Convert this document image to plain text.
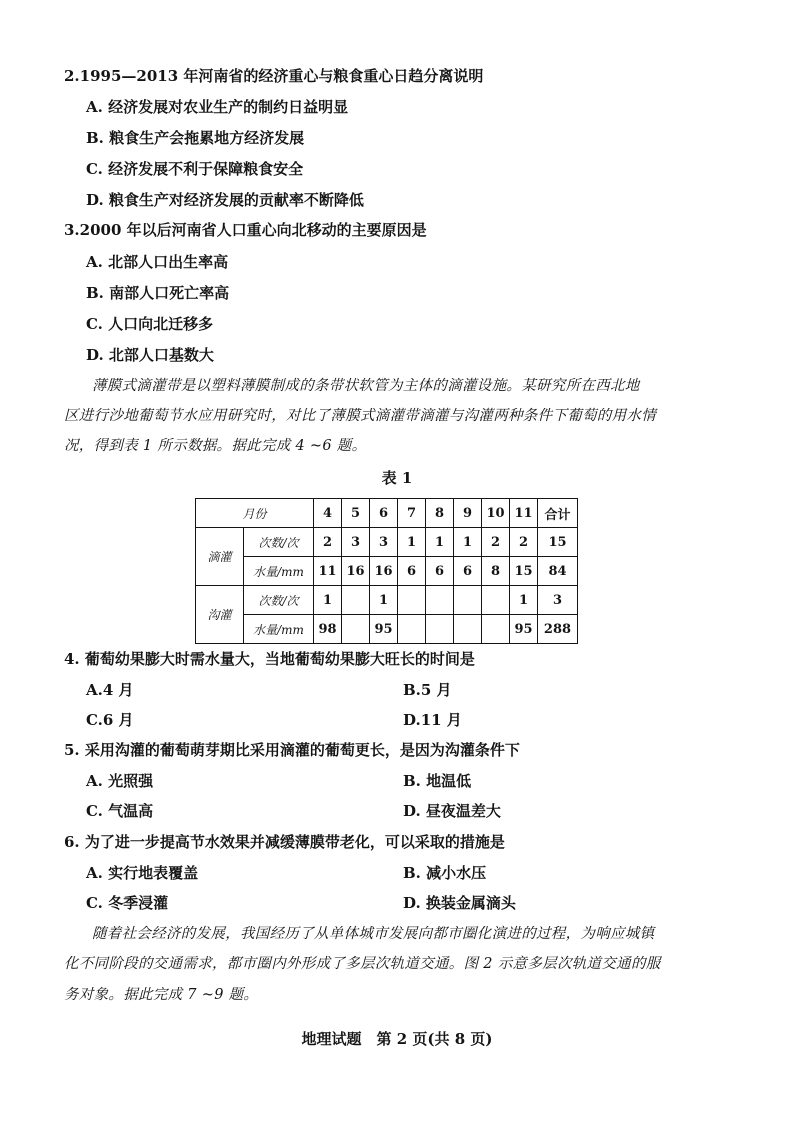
2.1995—2013 年河南省的经济重心与粮食重心日趋分离说明
A. 经济发展对农业生产的制约日益明显
B. 粮食生产会拖累地方经济发展
C. 经济发展不利于保障粮食安全
D. 粮食生产对经济发展的贡献率不断降低
3.2000 年以后河南省人口重心向北移动的主要原因是
A. 北部人口出生率高
B. 南部人口死亡率高
C. 人口向北迁移多
D. 北部人口基数大
薄膜式滴灌带是以塑料薄膜制成的条带状软管为主体的滴灌设施。某研究所在西北地
区进行沙地葡萄节水应用研究时，对比了薄膜式滴灌带滴灌与沟灌两种条件下葡萄的用水情
况，得到表 1 所示数据。据此完成 4 ~6 题。
表 1
月份		4	5	6	7	8	9	10	11	合计
滴灌	次数/次	2	3	3	1	1	1	2	2	15
	水量/mm	11	16	16	6	6	6	8	15	84
沟灌	次数/次	1		1					1	3
	水量/mm	98		95					95	288
4. 葡萄幼果膨大时需水量大，当地葡萄幼果膨大旺长的时间是
A.4 月	B.5 月
C.6 月	D.11 月
5. 采用沟灌的葡萄萌芽期比采用滴灌的葡萄更长，是因为沟灌条件下
A. 光照强	B. 地温低
C. 气温高	D. 昼夜温差大
6. 为了进一步提高节水效果并减缓薄膜带老化，可以采取的措施是
A. 实行地表覆盖	B. 减小水压
C. 冬季浸灌	D. 换装金属滴头
随着社会经济的发展，我国经历了从单体城市发展向都市圈化演进的过程，为响应城镇
化不同阶段的交通需求，都市圈内外形成了多层次轨道交通。图 2 示意多层次轨道交通的服
务对象。据此完成 7 ~9 题。
地理试题　第 2 页(共 8 页)
